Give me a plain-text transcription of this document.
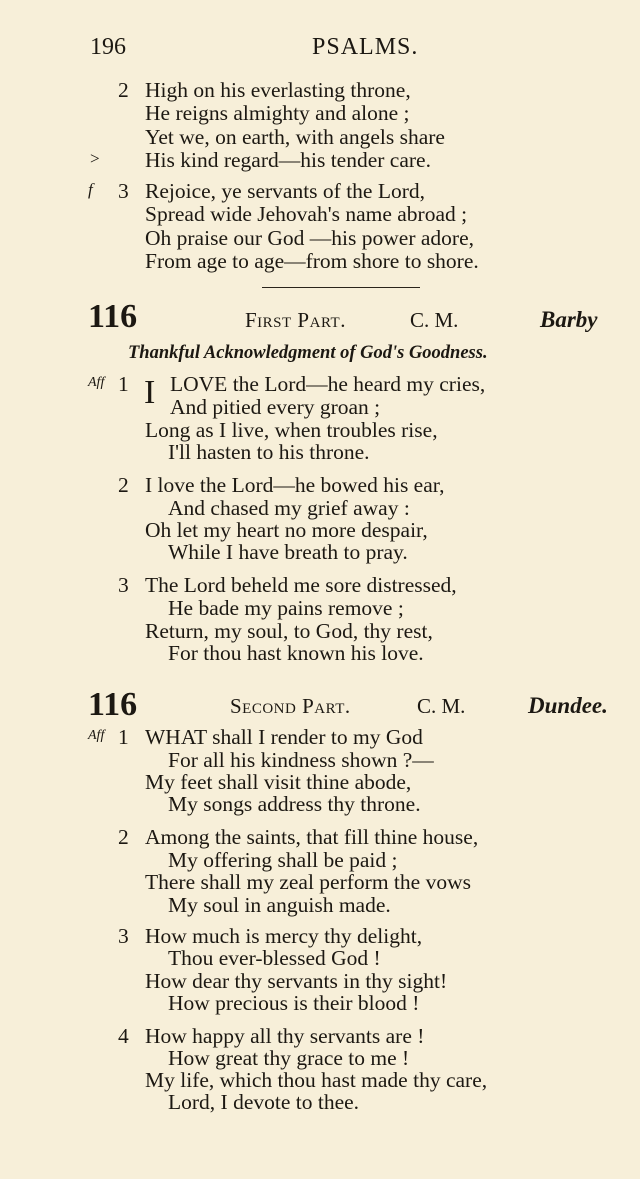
196	PSALMS.
2 High on his everlasting throne,
He reigns almighty and alone ;
Yet we, on earth, with angels share
> His kind regard—his tender care.
f 3 Rejoice, ye servants of the Lord,
Spread wide Jehovah's name abroad ;
Oh praise our God —his power adore,
From age to age—from shore to shore.
116	First Part.	C. M.	Barby
Thankful Acknowledgment of God's Goodness.
Aff 1 I LOVE the Lord—he heard my cries,
And pitied every groan ;
Long as I live, when troubles rise,
I'll hasten to his throne.
2 I love the Lord—he bowed his ear,
And chased my grief away :
Oh let my heart no more despair,
While I have breath to pray.
3 The Lord beheld me sore distressed,
He bade my pains remove ;
Return, my soul, to God, thy rest,
For thou hast known his love.
116	Second Part.	C. M.	Dundee.
Aff 1 WHAT shall I render to my God
For all his kindness shown ?—
My feet shall visit thine abode,
My songs address thy throne.
2 Among the saints, that fill thine house,
My offering shall be paid ;
There shall my zeal perform the vows
My soul in anguish made.
3 How much is mercy thy delight,
Thou ever-blessed God !
How dear thy servants in thy sight!
How precious is their blood !
4 How happy all thy servants are !
How great thy grace to me !
My life, which thou hast made thy care,
Lord, I devote to thee.
